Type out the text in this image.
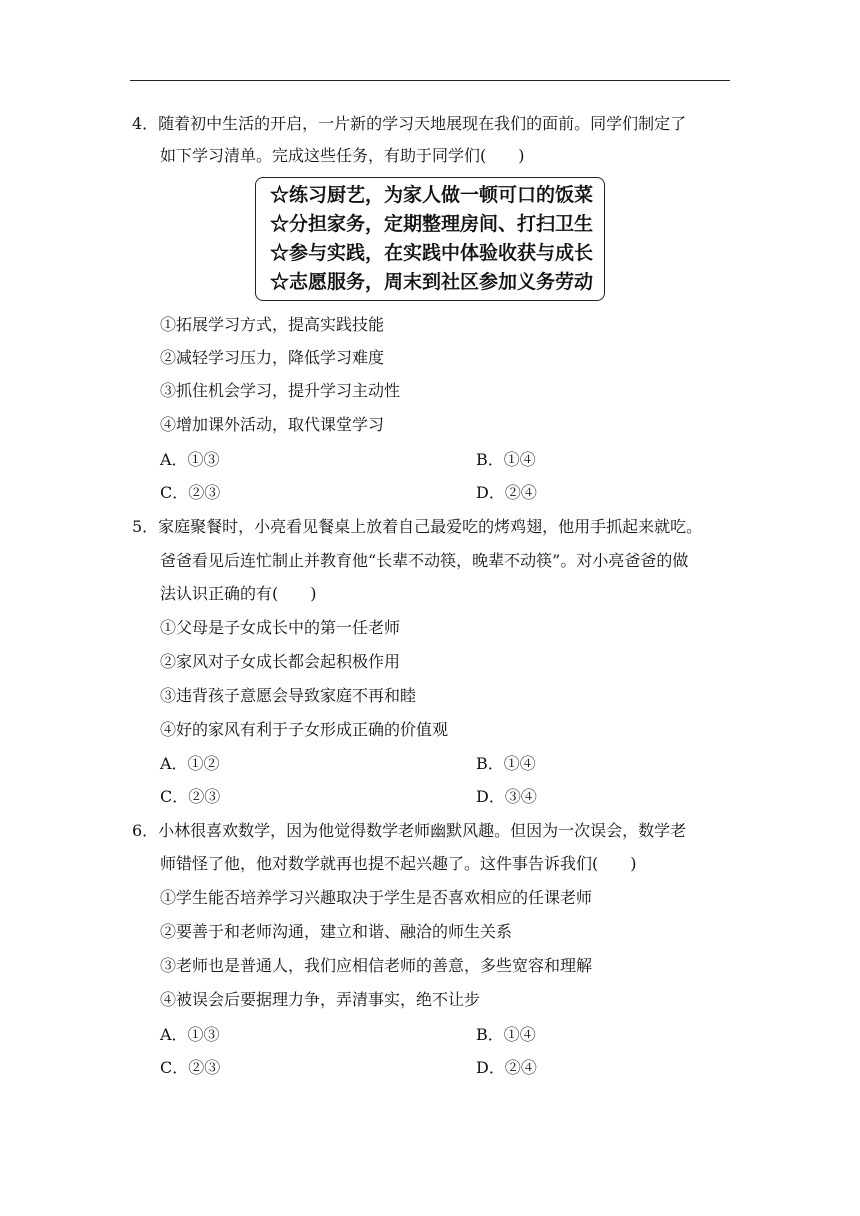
4．随着初中生活的开启，一片新的学习天地展现在我们的面前。同学们制定了
如下学习清单。完成这些任务，有助于同学们(　　)
☆练习厨艺，为家人做一顿可口的饭菜
☆分担家务，定期整理房间、打扫卫生
☆参与实践，在实践中体验收获与成长
☆志愿服务，周末到社区参加义务劳动
①拓展学习方式，提高实践技能
②减轻学习压力，降低学习难度
③抓住机会学习，提升学习主动性
④增加课外活动，取代课堂学习
A．①③	B．①④
C．②③	D．②④
5．家庭聚餐时，小亮看见餐桌上放着自己最爱吃的烤鸡翅，他用手抓起来就吃。
爸爸看见后连忙制止并教育他“长辈不动筷，晚辈不动筷”。对小亮爸爸的做
法认识正确的有(　　)
①父母是子女成长中的第一任老师
②家风对子女成长都会起积极作用
③违背孩子意愿会导致家庭不再和睦
④好的家风有利于子女形成正确的价值观
A．①②	B．①④
C．②③	D．③④
6．小林很喜欢数学，因为他觉得数学老师幽默风趣。但因为一次误会，数学老
师错怪了他，他对数学就再也提不起兴趣了。这件事告诉我们(　　)
①学生能否培养学习兴趣取决于学生是否喜欢相应的任课老师
②要善于和老师沟通，建立和谐、融洽的师生关系
③老师也是普通人，我们应相信老师的善意，多些宽容和理解
④被误会后要据理力争，弄清事实，绝不让步
A．①③	B．①④
C．②③	D．②④
